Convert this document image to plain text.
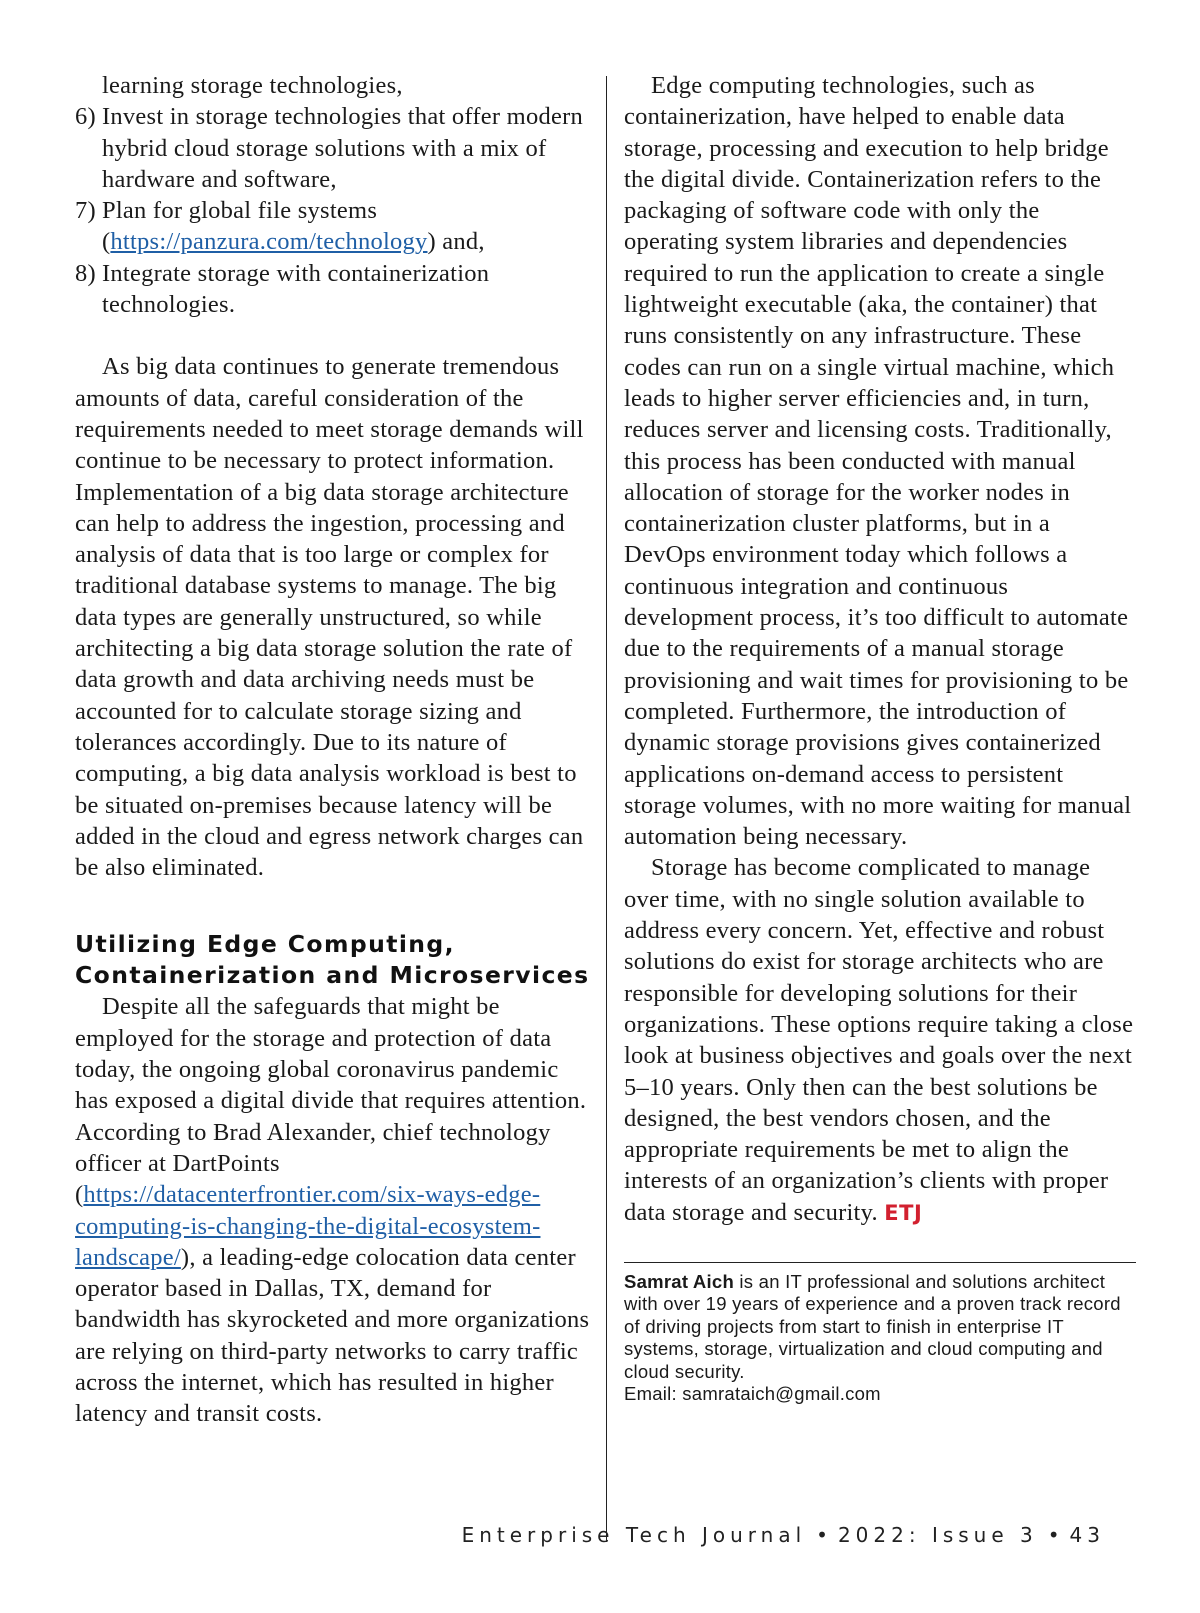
learning storage technologies,
6) Invest in storage technologies that offer modern hybrid cloud storage solutions with a mix of hardware and software,
7) Plan for global file systems (https://panzura.com/technology) and,
8) Integrate storage with containerization technologies.

As big data continues to generate tremendous amounts of data, careful consideration of the requirements needed to meet storage demands will continue to be necessary to protect information. Implementation of a big data storage architecture can help to address the ingestion, processing and analysis of data that is too large or complex for traditional database systems to manage. The big data types are generally unstructured, so while architecting a big data storage solution the rate of data growth and data archiving needs must be accounted for to calculate storage sizing and tolerances accordingly. Due to its nature of computing, a big data analysis workload is best to be situated on-premises because latency will be added in the cloud and egress network charges can be also eliminated.

Utilizing Edge Computing,
Containerization and Microservices

Despite all the safeguards that might be employed for the storage and protection of data today, the ongoing global coronavirus pandemic has exposed a digital divide that requires attention. According to Brad Alexander, chief technology officer at DartPoints (https://datacenterfrontier.com/six-ways-edge-computing-is-changing-the-digital-ecosystem-landscape/), a leading-edge colocation data center operator based in Dallas, TX, demand for bandwidth has skyrocketed and more organizations are relying on third-party networks to carry traffic across the internet, which has resulted in higher latency and transit costs.

Edge computing technologies, such as containerization, have helped to enable data storage, processing and execution to help bridge the digital divide. Containerization refers to the packaging of software code with only the operating system libraries and dependencies required to run the application to create a single lightweight executable (aka, the container) that runs consistently on any infrastructure. These codes can run on a single virtual machine, which leads to higher server efficiencies and, in turn, reduces server and licensing costs. Traditionally, this process has been conducted with manual allocation of storage for the worker nodes in containerization cluster platforms, but in a DevOps environment today which follows a continuous integration and continuous development process, it’s too difficult to automate due to the requirements of a manual storage provisioning and wait times for provisioning to be completed. Furthermore, the introduction of dynamic storage provisions gives containerized applications on-demand access to persistent storage volumes, with no more waiting for manual automation being necessary.

Storage has become complicated to manage over time, with no single solution available to address every concern. Yet, effective and robust solutions do exist for storage architects who are responsible for developing solutions for their organizations. These options require taking a close look at business objectives and goals over the next 5–10 years. Only then can the best solutions be designed, the best vendors chosen, and the appropriate requirements be met to align the interests of an organization’s clients with proper data storage and security. ETJ

Samrat Aich is an IT professional and solutions architect with over 19 years of experience and a proven track record of driving projects from start to finish in enterprise IT systems, storage, virtualization and cloud computing and cloud security.
Email: samrataich@gmail.com
Enterprise Tech Journal • 2022: Issue 3 • 43
